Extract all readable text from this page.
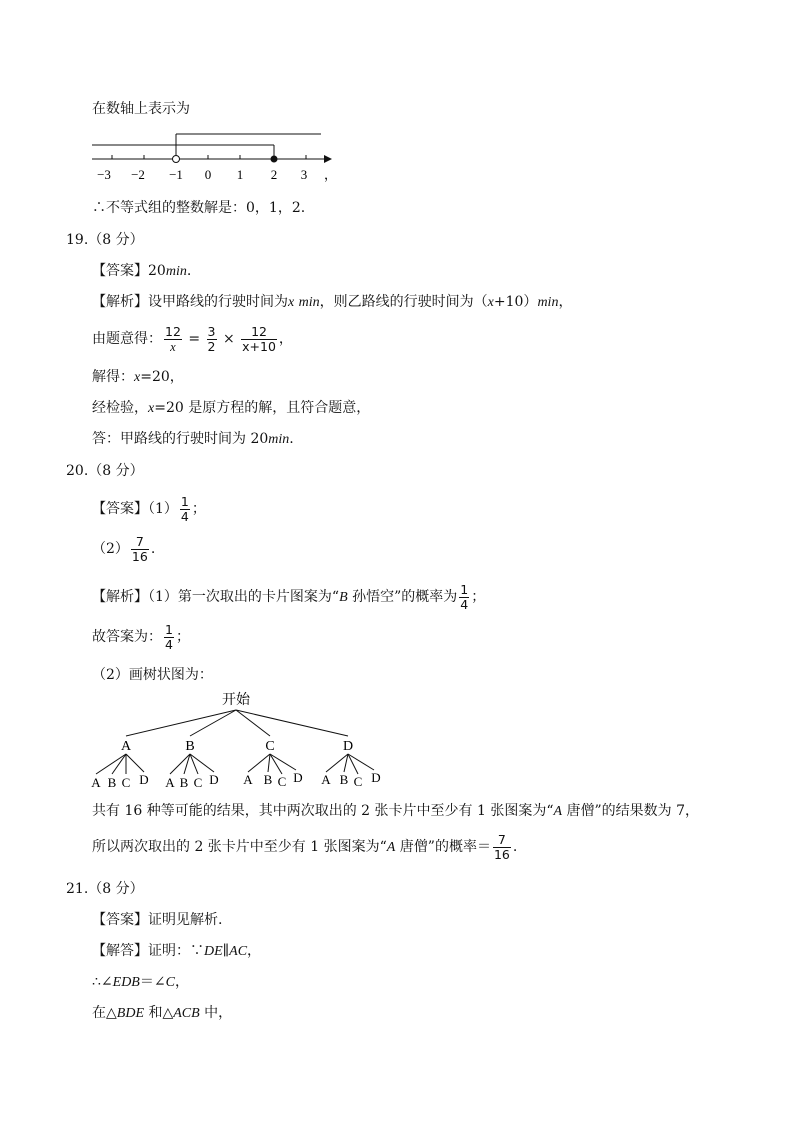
在数轴上表示为
−3 −2 −1 0 1 2 3 ，
∴不等式组的整数解是：0，1，2.
19.（8 分）
【答案】20min.
【解析】设甲路线的行驶时间为x min，则乙路线的行驶时间为（x+10）min，
由题意得： $\frac{12}{x} = \frac{3}{2} \times \frac{12}{x+10}$ ，
解得：x=20，
经检验，x=20 是原方程的解，且符合题意，
答：甲路线的行驶时间为 20min.
20.（8 分）
【答案】$(1) \frac{1}{4}$ ；
$(2) \frac{7}{16}$ .
【解析】（1）第一次取出的卡片图案为“B 孙悟空”的概率为 $\frac{1}{4}$ ；
故答案为： $\frac{1}{4}$ ；
（2）画树状图为：
开始
A	B	C	D
A B C D A B C D A B C D A B C D
共有 16 种等可能的结果，其中两次取出的 2 张卡片中至少有 1 张图案为“A 唐僧”的结果数为 7，
所以两次取出的 2 张卡片中至少有 1 张图案为“A 唐僧”的概率＝ $\frac{7}{16}$ .
21.（8 分）
【答案】证明见解析.
【解答】证明：∵DE∥AC，
∴∠EDB＝∠C，
在△BDE 和△ACB 中，
